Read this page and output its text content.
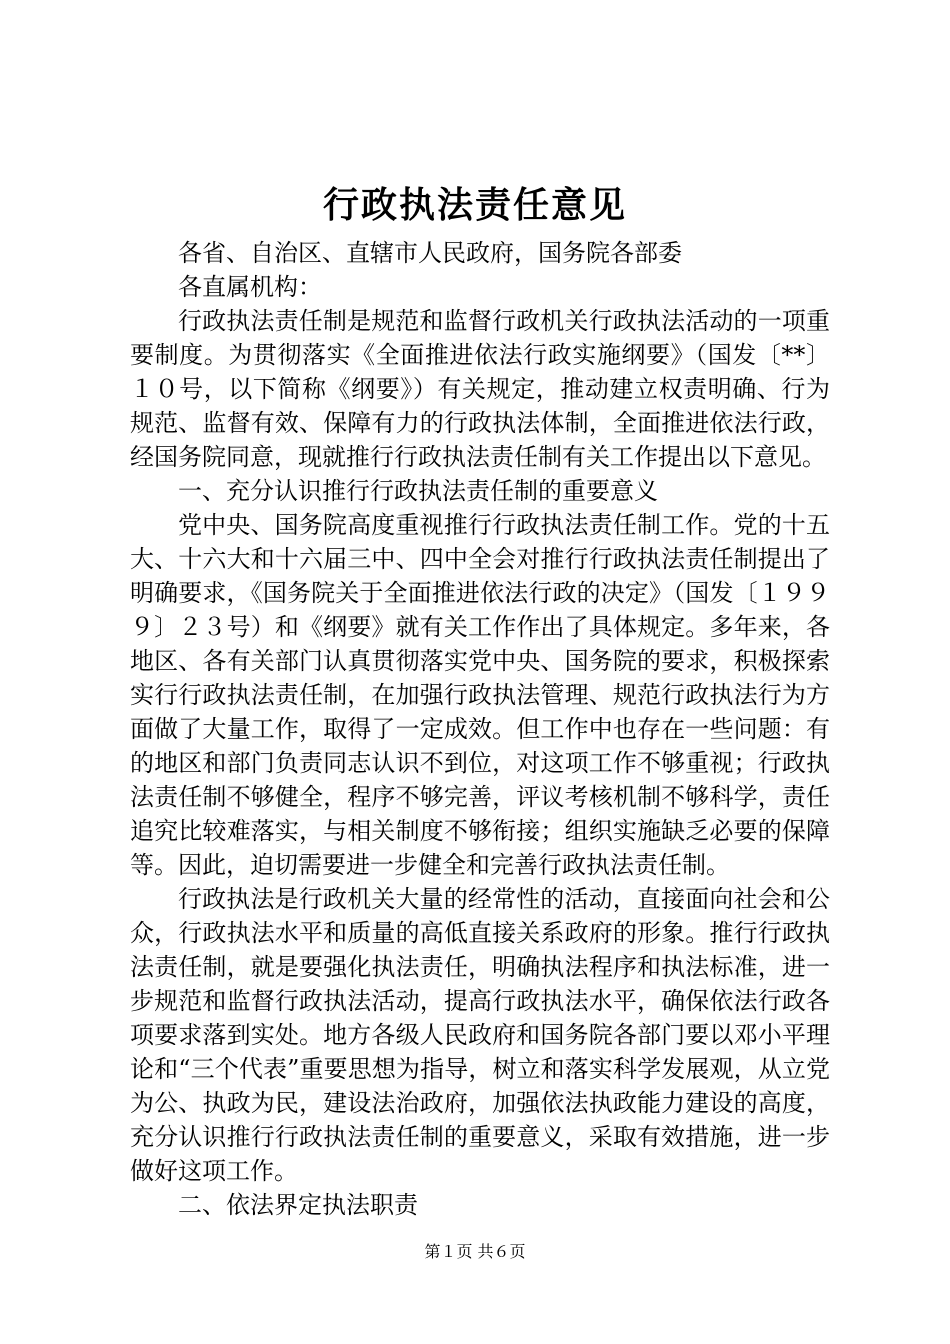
行政执法责任意见

各省、自治区、直辖市人民政府，国务院各部委

各直属机构：

行政执法责任制是规范和监督行政机关行政执法活动的一项重要制度。为贯彻落实《全面推进依法行政实施纲要》（国发〔**〕１０号，以下简称《纲要》）有关规定，推动建立权责明确、行为规范、监督有效、保障有力的行政执法体制，全面推进依法行政，经国务院同意，现就推行行政执法责任制有关工作提出以下意见。

一、充分认识推行行政执法责任制的重要意义

党中央、国务院高度重视推行行政执法责任制工作。党的十五大、十六大和十六届三中、四中全会对推行行政执法责任制提出了明确要求，《国务院关于全面推进依法行政的决定》（国发〔１９９９〕２３号）和《纲要》就有关工作作出了具体规定。多年来，各地区、各有关部门认真贯彻落实党中央、国务院的要求，积极探索实行行政执法责任制，在加强行政执法管理、规范行政执法行为方面做了大量工作，取得了一定成效。但工作中也存在一些问题：有的地区和部门负责同志认识不到位，对这项工作不够重视；行政执法责任制不够健全，程序不够完善，评议考核机制不够科学，责任追究比较难落实，与相关制度不够衔接；组织实施缺乏必要的保障等。因此，迫切需要进一步健全和完善行政执法责任制。

行政执法是行政机关大量的经常性的活动，直接面向社会和公众，行政执法水平和质量的高低直接关系政府的形象。推行行政执法责任制，就是要强化执法责任，明确执法程序和执法标准，进一步规范和监督行政执法活动，提高行政执法水平，确保依法行政各项要求落到实处。地方各级人民政府和国务院各部门要以邓小平理论和“三个代表”重要思想为指导，树立和落实科学发展观，从立党为公、执政为民，建设法治政府，加强依法执政能力建设的高度，充分认识推行行政执法责任制的重要意义，采取有效措施，进一步做好这项工作。

二、依法界定执法职责

第１页 共６页
